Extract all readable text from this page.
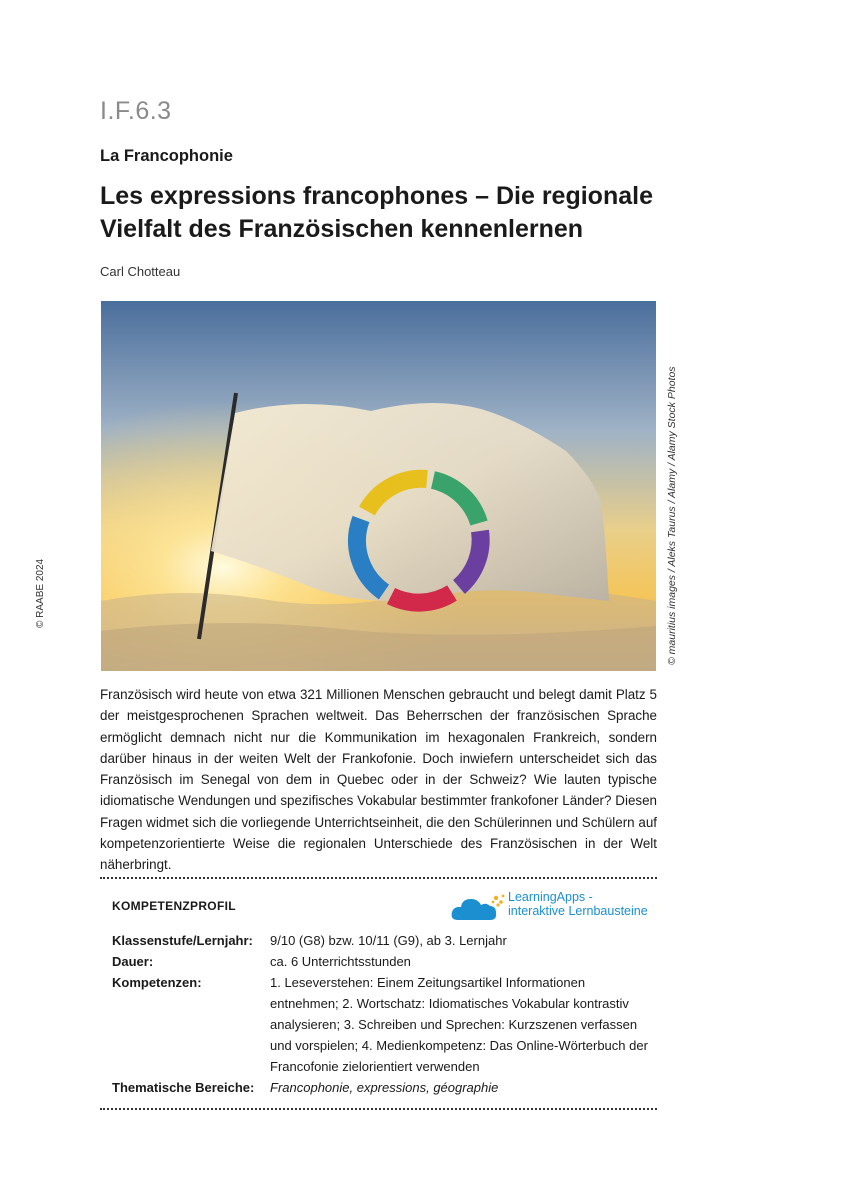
I.F.6.3
La Francophonie
Les expressions francophones – Die regionale Vielfalt des Französischen kennenlernen
Carl Chotteau
© mauritius images / Aleks Taurus / Alamy / Alamy Stock Photos
© RAABE 2024
Französisch wird heute von etwa 321 Millionen Menschen gebraucht und belegt damit Platz 5 der meistgesprochenen Sprachen weltweit. Das Beherrschen der französischen Sprache ermöglicht demnach nicht nur die Kommunikation im hexagonalen Frankreich, sondern darüber hinaus in der weiten Welt der Frankofonie. Doch inwiefern unterscheidet sich das Französisch im Senegal von dem in Quebec oder in der Schweiz? Wie lauten typische idiomatische Wendungen und spezifisches Vokabular bestimmter frankofoner Länder? Diesen Fragen widmet sich die vorliegende Unterrichtseinheit, die den Schülerinnen und Schülern auf kompetenzorientierte Weise die regionalen Unterschiede des Französischen in der Welt näherbringt.
KOMPETENZPROFIL
LearningApps -
interaktive Lernbausteine
Klassenstufe/Lernjahr:	9/10 (G8) bzw. 10/11 (G9), ab 3. Lernjahr
Dauer:	ca. 6 Unterrichtsstunden
Kompetenzen:	1. Leseverstehen: Einem Zeitungsartikel Informationen entnehmen; 2. Wortschatz: Idiomatisches Vokabular kontrastiv analysieren; 3. Schreiben und Sprechen: Kurzszenen verfassen und vorspielen; 4. Medienkompetenz: Das Online-Wörterbuch der Francofonie zielorientiert verwenden
Thematische Bereiche:	Francophonie, expressions, géographie
